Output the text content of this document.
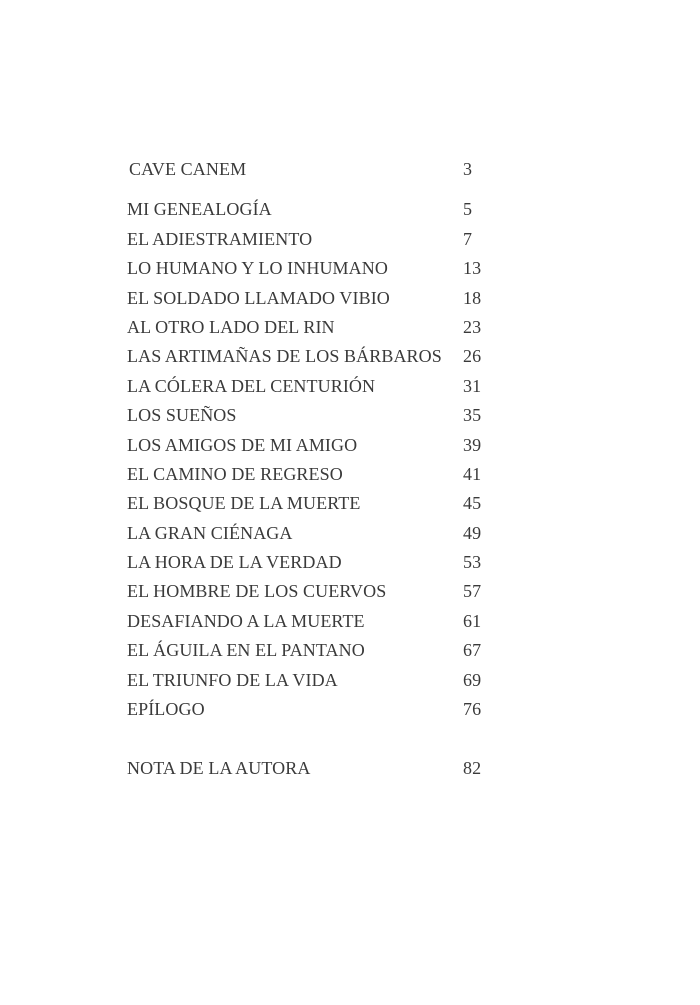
CAVE CANEM	3
MI GENEALOGÍA	5
EL ADIESTRAMIENTO	7
LO HUMANO Y LO INHUMANO	13
EL SOLDADO LLAMADO VIBIO	18
AL OTRO LADO DEL RIN	23
LAS ARTIMAÑAS DE LOS BÁRBAROS 26
LA CÓLERA DEL CENTURIÓN	31
LOS SUEÑOS	35
LOS AMIGOS DE MI AMIGO	39
EL CAMINO DE REGRESO	41
EL BOSQUE DE LA MUERTE	45
LA GRAN CIÉNAGA	49
LA HORA DE LA VERDAD	53
EL HOMBRE DE LOS CUERVOS	57
DESAFIANDO A LA MUERTE	61
EL ÁGUILA EN EL PANTANO	67
EL TRIUNFO DE LA VIDA	69
EPÍLOGO	76
NOTA DE LA AUTORA	82
